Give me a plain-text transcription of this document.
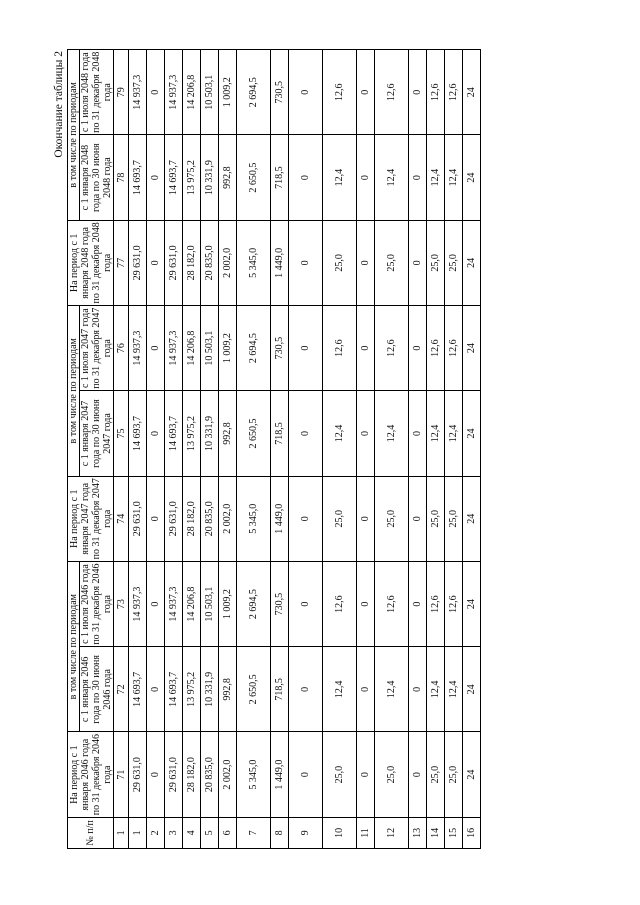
Окончание таблицы 2
№ п/п	На период с 1 января 2046 года по 31 декабря 2046 года	в том числе по периодам		На период с 1 января 2047 года по 31 декабря 2047 года	в том числе по периодам		На период с 1 января 2048 года по 31 декабря 2048 года	в том числе по периодам	
		с 1 января 2046 года по 30 июня 2046 года	с 1 июля 2046 года по 31 декабря 2046 года		с 1 января 2047 года по 30 июня 2047 года	с 1 июля 2047 года по 31 декабря 2047 года		с 1 января 2048 года по 30 июня 2048 года	с 1 июля 2048 года по 31 декабря 2048 года
1	71	72	73	74	75	76	77	78	79
1	29 631,0	14 693,7	14 937,3	29 631,0	14 693,7	14 937,3	29 631,0	14 693,7	14 937,3
2	0	0	0	0	0	0	0	0	0
3	29 631,0	14 693,7	14 937,3	29 631,0	14 693,7	14 937,3	29 631,0	14 693,7	14 937,3
4	28 182,0	13 975,2	14 206,8	28 182,0	13 975,2	14 206,8	28 182,0	13 975,2	14 206,8
5	20 835,0	10 331,9	10 503,1	20 835,0	10 331,9	10 503,1	20 835,0	10 331,9	10 503,1
6	2 002,0	992,8	1 009,2	2 002,0	992,8	1 009,2	2 002,0	992,8	1 009,2
7	5 345,0	2 650,5	2 694,5	5 345,0	2 650,5	2 694,5	5 345,0	2 650,5	2 694,5
8	1 449,0	718,5	730,5	1 449,0	718,5	730,5	1 449,0	718,5	730,5
9	0	0	0	0	0	0	0	0	0
10	25,0	12,4	12,6	25,0	12,4	12,6	25,0	12,4	12,6
11	0	0	0	0	0	0	0	0	0
12	25,0	12,4	12,6	25,0	12,4	12,6	25,0	12,4	12,6
13	0	0	0	0	0	0	0	0	0
14	25,0	12,4	12,6	25,0	12,4	12,6	25,0	12,4	12,6
15	25,0	12,4	12,6	25,0	12,4	12,6	25,0	12,4	12,6
16	24	24	24	24	24	24	24	24	24
